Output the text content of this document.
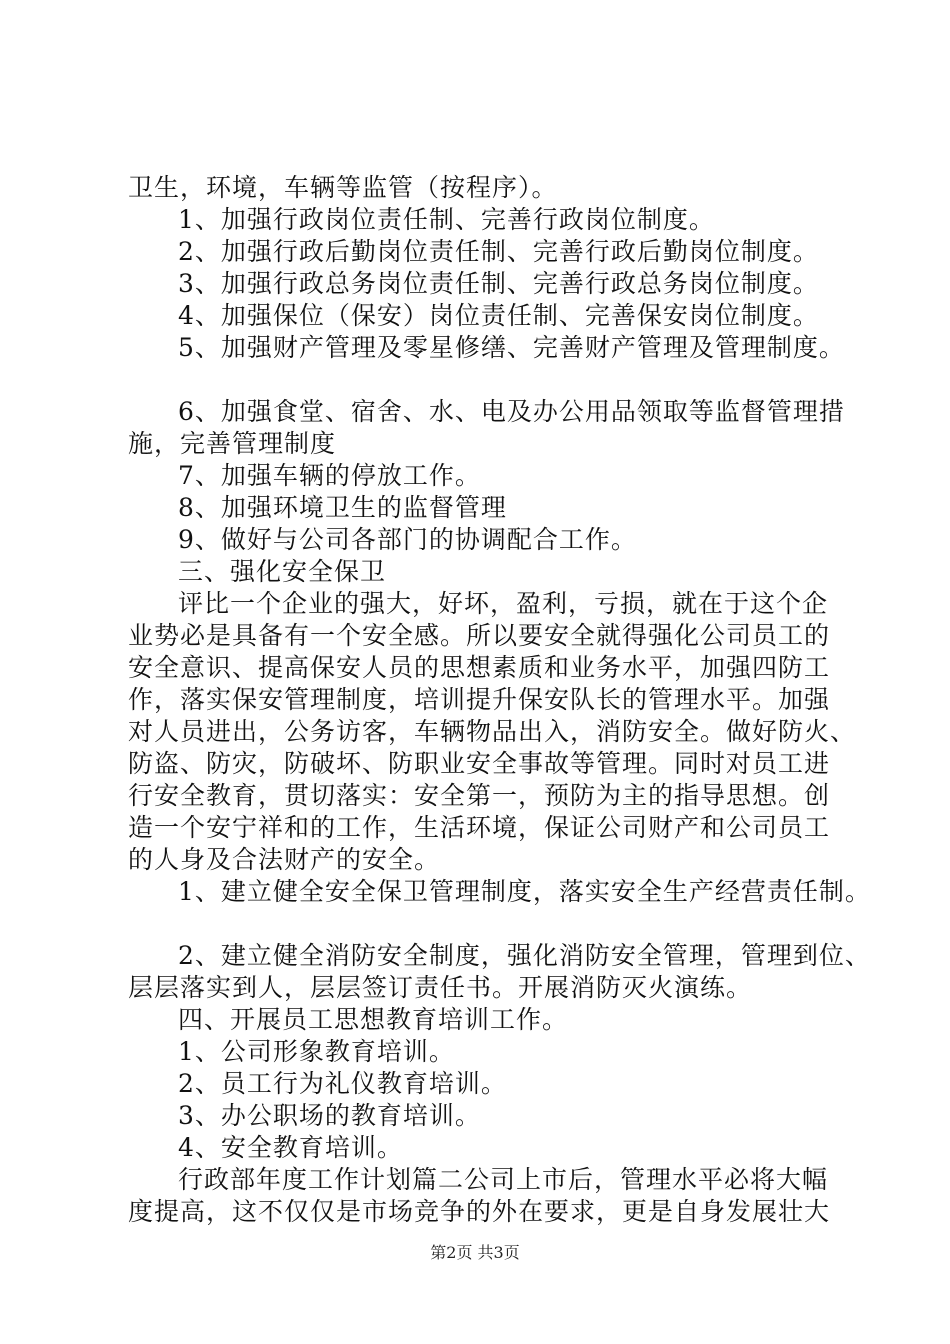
卫生，环境，车辆等监管（按程序）。
1、加强行政岗位责任制、完善行政岗位制度。
2、加强行政后勤岗位责任制、完善行政后勤岗位制度。
3、加强行政总务岗位责任制、完善行政总务岗位制度。
4、加强保位（保安）岗位责任制、完善保安岗位制度。
5、加强财产管理及零星修缮、完善财产管理及管理制度。
6、加强食堂、宿舍、水、电及办公用品领取等监督管理措
施，完善管理制度
7、加强车辆的停放工作。
8、加强环境卫生的监督管理
9、做好与公司各部门的协调配合工作。
三、强化安全保卫
评比一个企业的强大，好坏，盈利，亏损，就在于这个企
业势必是具备有一个安全感。所以要安全就得强化公司员工的
安全意识、提高保安人员的思想素质和业务水平，加强四防工
作，落实保安管理制度，培训提升保安队长的管理水平。加强
对人员进出，公务访客，车辆物品出入，消防安全。做好防火、
防盗、防灾，防破坏、防职业安全事故等管理。同时对员工进
行安全教育，贯切落实：安全第一，预防为主的指导思想。创
造一个安宁祥和的工作，生活环境，保证公司财产和公司员工
的人身及合法财产的安全。
1、建立健全安全保卫管理制度，落实安全生产经营责任制。
2、建立健全消防安全制度，强化消防安全管理，管理到位、
层层落实到人，层层签订责任书。开展消防灭火演练。
四、开展员工思想教育培训工作。
1、公司形象教育培训。
2、员工行为礼仪教育培训。
3、办公职场的教育培训。
4、安全教育培训。
行政部年度工作计划篇二公司上市后，管理水平必将大幅
度提高，这不仅仅是市场竞争的外在要求，更是自身发展壮大
第2页 共3页
